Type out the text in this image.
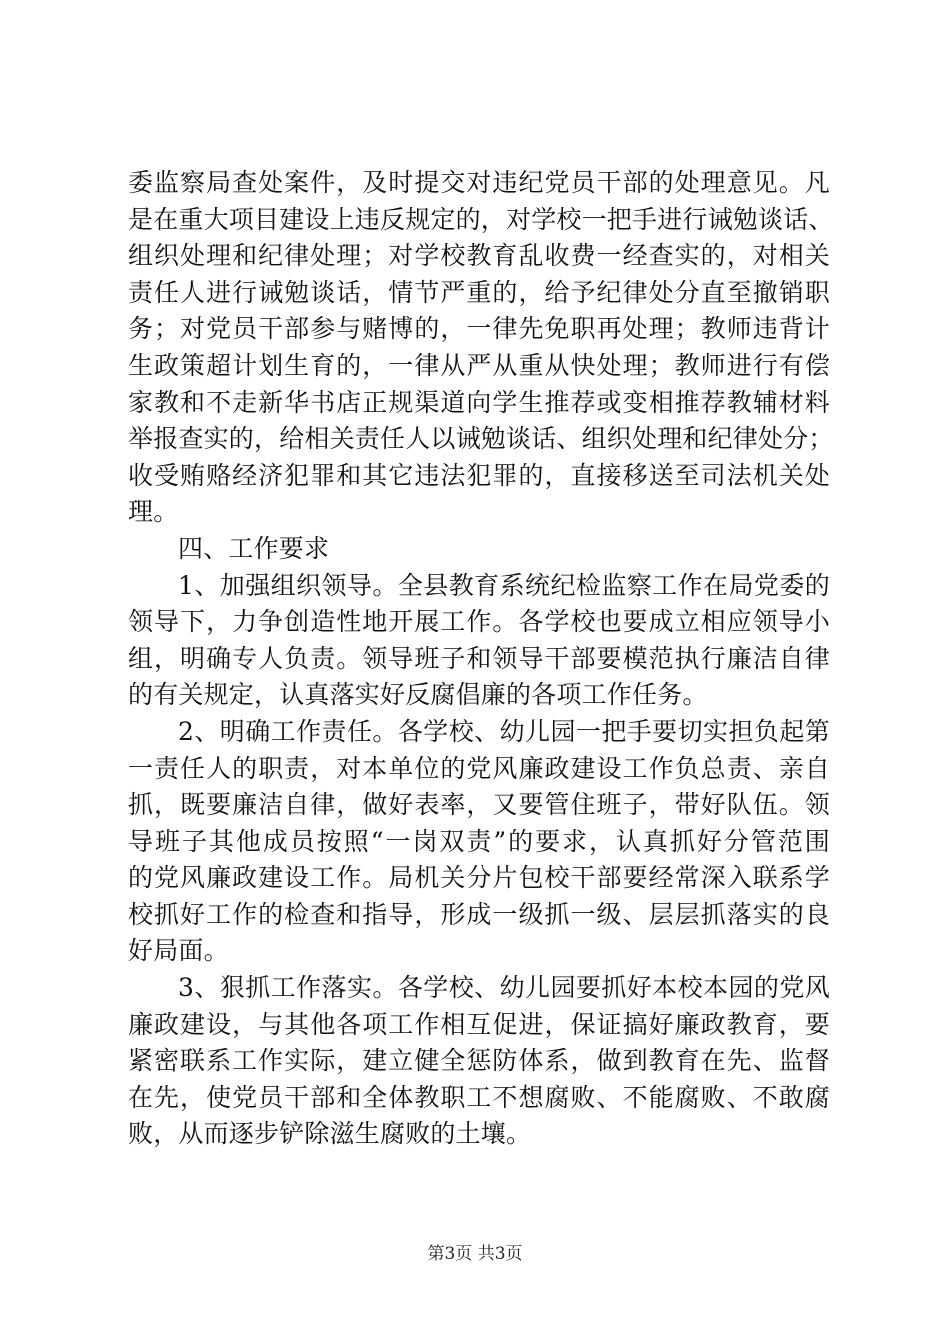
委监察局查处案件，及时提交对违纪党员干部的处理意见。凡
是在重大项目建设上违反规定的，对学校一把手进行诫勉谈话、
组织处理和纪律处理；对学校教育乱收费一经查实的，对相关
责任人进行诫勉谈话，情节严重的，给予纪律处分直至撤销职
务；对党员干部参与赌博的，一律先免职再处理；教师违背计
生政策超计划生育的，一律从严从重从快处理；教师进行有偿
家教和不走新华书店正规渠道向学生推荐或变相推荐教辅材料
举报查实的，给相关责任人以诫勉谈话、组织处理和纪律处分；
收受贿赂经济犯罪和其它违法犯罪的，直接移送至司法机关处
理。
四、工作要求
1、加强组织领导。全县教育系统纪检监察工作在局党委的
领导下，力争创造性地开展工作。各学校也要成立相应领导小
组，明确专人负责。领导班子和领导干部要模范执行廉洁自律
的有关规定，认真落实好反腐倡廉的各项工作任务。
2、明确工作责任。各学校、幼儿园一把手要切实担负起第
一责任人的职责，对本单位的党风廉政建设工作负总责、亲自
抓，既要廉洁自律，做好表率，又要管住班子，带好队伍。领
导班子其他成员按照“一岗双责”的要求，认真抓好分管范围
的党风廉政建设工作。局机关分片包校干部要经常深入联系学
校抓好工作的检查和指导，形成一级抓一级、层层抓落实的良
好局面。
3、狠抓工作落实。各学校、幼儿园要抓好本校本园的党风
廉政建设，与其他各项工作相互促进，保证搞好廉政教育，要
紧密联系工作实际，建立健全惩防体系，做到教育在先、监督
在先，使党员干部和全体教职工不想腐败、不能腐败、不敢腐
败，从而逐步铲除滋生腐败的土壤。
第3页 共3页
